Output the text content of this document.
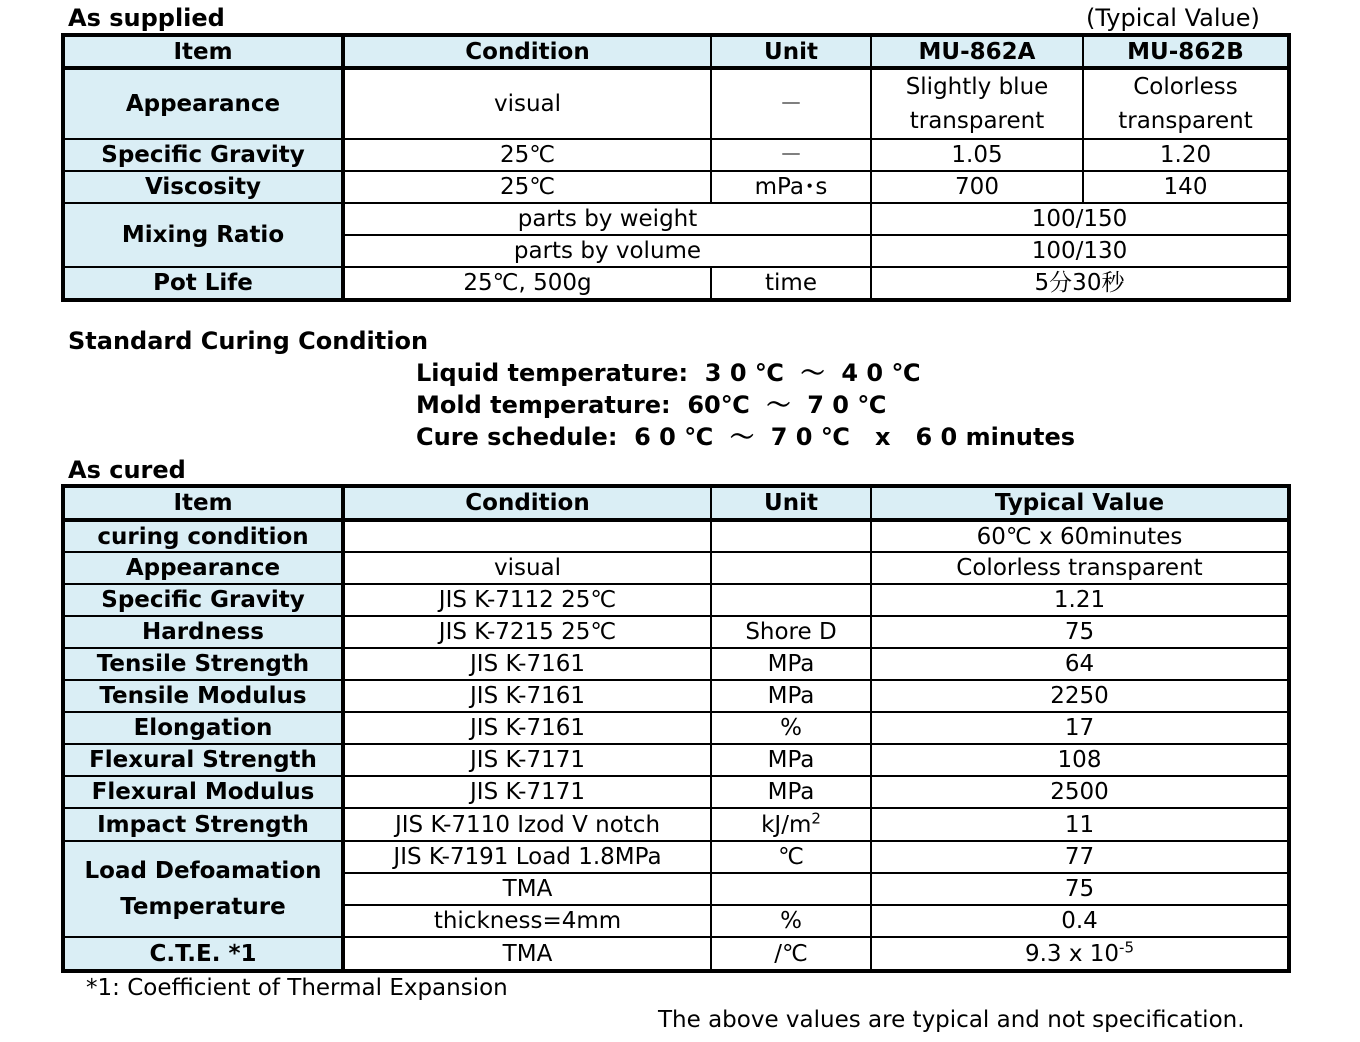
As supplied	(Typical Value)
Item	Condition	Unit	MU-862A	MU-862B
Appearance	visual	－	Slightly blue transparent	Colorless transparent
Specific Gravity	25℃	－	1.05	1.20
Viscosity	25℃	mPa･s	700	140
Mixing Ratio	parts by weight		100/150	
	parts by volume		100/130	
Pot Life	25℃, 500g	time	5分30秒	
Standard Curing Condition
Liquid temperature:  3 0 ℃  ～  4 0 ℃
Mold temperature:  60℃  ～  7 0 ℃
Cure schedule:  6 0 ℃  ～  7 0 ℃   x   6 0 minutes
As cured
Item	Condition	Unit	Typical Value
curing condition			60℃ x 60minutes
Appearance	visual		Colorless transparent
Specific Gravity	JIS K-7112 25℃		1.21
Hardness	JIS K-7215 25℃	Shore D	75
Tensile Strength	JIS K-7161	MPa	64
Tensile Modulus	JIS K-7161	MPa	2250
Elongation	JIS K-7161	%	17
Flexural Strength	JIS K-7171	MPa	108
Flexural Modulus	JIS K-7171	MPa	2500
Impact Strength	JIS K-7110 Izod V notch	$kJ/m^2$	11
Load Defoamation Temperature	JIS K-7191 Load 1.8MPa	℃	77
	TMA		75
	thickness=4mm	%	0.4
C.T.E. *1	TMA	/℃	9.3 x $10^{-5}$
*1: Coefficient of Thermal Expansion
The above values are typical and not specification.
